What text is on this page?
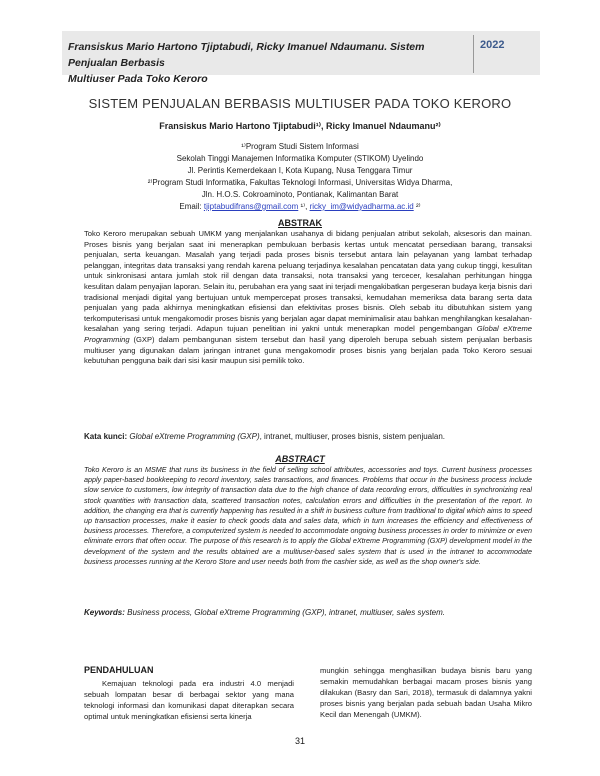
Fransiskus Mario Hartono Tjiptabudi, Ricky Imanuel Ndaumanu. Sistem Penjualan Berbasis
Multiuser Pada Toko Keroro
2022
SISTEM PENJUALAN BERBASIS MULTIUSER PADA TOKO KERORO
Fransiskus Mario Hartono Tjiptabudi¹⁾, Ricky Imanuel Ndaumanu²⁾
¹⁾Program Studi Sistem Informasi
Sekolah Tinggi Manajemen Informatika Komputer (STIKOM) Uyelindo
Jl. Perintis Kemerdekaan I, Kota Kupang, Nusa Tenggara Timur
²⁾Program Studi Informatika, Fakultas Teknologi Informasi, Universitas Widya Dharma,
Jln. H.O.S. Cokroaminoto, Pontianak, Kalimantan Barat
Email: tjiptabudifrans@gmail.com ¹⁾, ricky_im@widyadharma.ac.id ²⁾
ABSTRAK
Toko Keroro merupakan sebuah UMKM yang menjalankan usahanya di bidang penjualan atribut sekolah, aksesoris dan mainan. Proses bisnis yang berjalan saat ini menerapkan pembukuan berbasis kertas untuk mencatat persediaan barang, transaksi penjualan, serta keuangan. Masalah yang terjadi pada proses bisnis tersebut antara lain pelayanan yang lambat terhadap pelanggan, integritas data transaksi yang rendah karena peluang terjadinya kesalahan pencatatan data yang cukup tinggi, kesulitan untuk sinkronisasi antara jumlah stok riil dengan data transaksi, nota transaksi yang tercecer, kesalahan perhitungan hingga kesulitan dalam penyajian laporan. Selain itu, perubahan era yang saat ini terjadi mengakibatkan pergeseran budaya kerja bisnis dari tradisional menjadi digital yang bertujuan untuk mempercepat proses transaksi, kemudahan memeriksa data barang serta data penjualan yang pada akhirnya meningkatkan efisiensi dan efektivitas proses bisnis. Oleh sebab itu dibutuhkan sistem yang terkomputerisasi untuk mengakomodir proses bisnis yang berjalan agar dapat meminimalisir atau bahkan menghilangkan kesalahan-kesalahan yang sering terjadi. Adapun tujuan penelitian ini yakni untuk menerapkan model pengembangan Global eXtreme Programming (GXP) dalam pembangunan sistem tersebut dan hasil yang diperoleh berupa sebuah sistem penjualan berbasis multiuser yang digunakan dalam jaringan intranet guna mengakomodir proses bisnis yang berjalan pada Toko Keroro sesuai kebutuhan pengguna baik dari sisi kasir maupun sisi pemilik toko.
Kata kunci: Global eXtreme Programming (GXP), intranet, multiuser, proses bisnis, sistem penjualan.
ABSTRACT
Toko Keroro is an MSME that runs its business in the field of selling school attributes, accessories and toys. Current business processes apply paper-based bookkeeping to record inventory, sales transactions, and finances. Problems that occur in the business process include slow service to customers, low integrity of transaction data due to the high chance of data recording errors, difficulties in synchronizing real stock quantities with transaction data, scattered transaction notes, calculation errors and difficulties in the presentation of the report. In addition, the changing era that is currently happening has resulted in a shift in business culture from traditional to digital which aims to speed up transaction processes, make it easier to check goods data and sales data, which in turn increases the efficiency and effectiveness of business processes. Therefore, a computerized system is needed to accommodate ongoing business processes in order to minimize or even eliminate errors that often occur. The purpose of this research is to apply the Global eXtreme Programming (GXP) development model in the development of the system and the results obtained are a multiuser-based sales system that is used in the intranet to accommodate business processes running at the Keroro Store and user needs both from the cashier side, as well as the shop owner's side.
Keywords: Business process, Global eXtreme Programming (GXP), intranet, multiuser, sales system.
PENDAHULUAN
Kemajuan teknologi pada era industri 4.0 menjadi sebuah lompatan besar di berbagai sektor yang mana teknologi informasi dan komunikasi dapat diterapkan secara optimal untuk meningkatkan efisiensi serta kinerja
mungkin sehingga menghasilkan budaya bisnis baru yang semakin memudahkan berbagai macam proses bisnis yang dilakukan (Basry dan Sari, 2018), termasuk di dalamnya yakni proses bisnis yang berjalan pada sebuah badan Usaha Mikro Kecil dan Menengah (UMKM).
31
